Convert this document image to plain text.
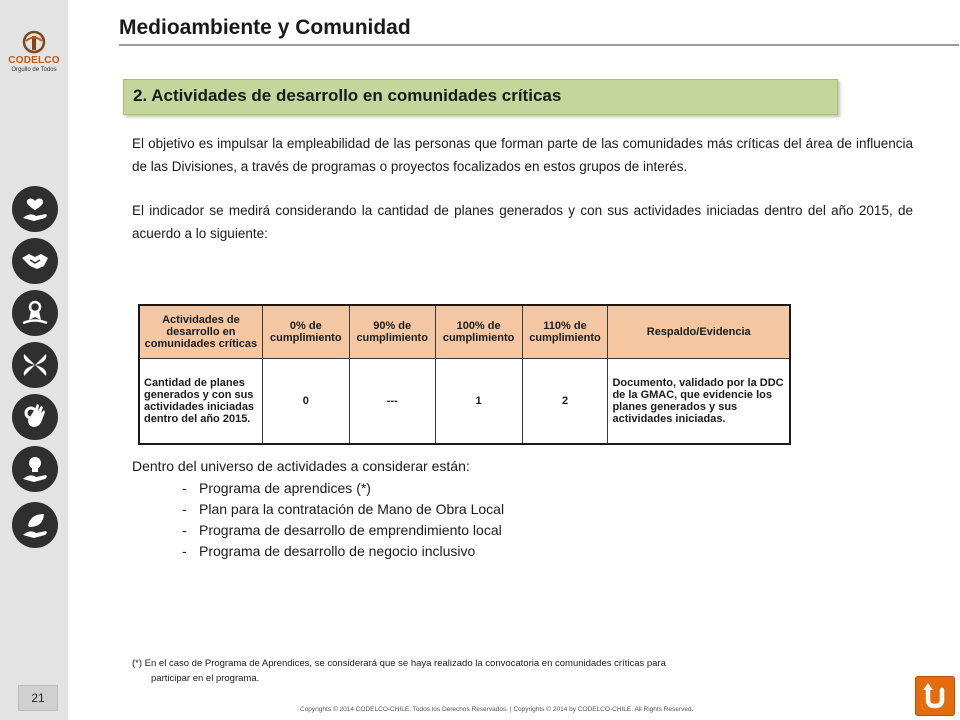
CODELCO
Orgullo de Todos
21
Medioambiente y Comunidad
2. Actividades de desarrollo en comunidades críticas

El objetivo es impulsar la empleabilidad de las personas que forman parte de las comunidades más críticas del área de influencia de las Divisiones, a través de programas o proyectos focalizados en estos grupos de interés.

El indicador se medirá considerando la cantidad de planes generados y con sus actividades iniciadas dentro del año 2015, de acuerdo a lo siguiente:

Actividades de desarrollo en comunidades críticas	0% de cumplimiento	90% de cumplimiento	100% de cumplimiento	110% de cumplimiento	Respaldo/Evidencia
Cantidad de planes generados y con sus actividades iniciadas dentro del año 2015.	0	---	1	2	Documento, validado por la DDC de la GMAC, que evidencie los planes generados y sus actividades iniciadas.

Dentro del universo de actividades a considerar están:

- Programa de aprendices (*)
- Plan para la contratación de Mano de Obra Local
- Programa de desarrollo de emprendimiento local
- Programa de desarrollo de negocio inclusivo

(*) En el caso de Programa de Aprendices, se considerará que se haya realizado la convocatoria en comunidades críticas para
participar en el programa.

Copyrights © 2014 CODELCO-CHILE. Todos los Derechos Reservados. | Copyrights © 2014 by CODELCO-CHILE. All Rights Reserved.
